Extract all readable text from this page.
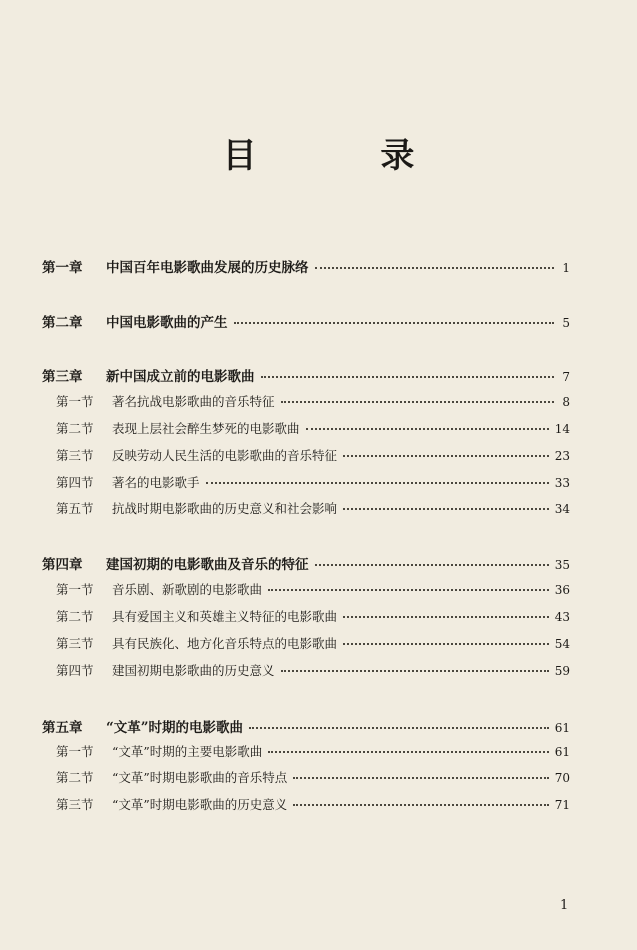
目 录
第一章	中国百年电影歌曲发展的历史脉络	1
第二章	中国电影歌曲的产生	5
第三章	新中国成立前的电影歌曲	7
第一节	著名抗战电影歌曲的音乐特征	8
第二节	表现上层社会醉生梦死的电影歌曲	14
第三节	反映劳动人民生活的电影歌曲的音乐特征	23
第四节	著名的电影歌手	33
第五节	抗战时期电影歌曲的历史意义和社会影响	34
第四章	建国初期的电影歌曲及音乐的特征	35
第一节	音乐剧、新歌剧的电影歌曲	36
第二节	具有爱国主义和英雄主义特征的电影歌曲	43
第三节	具有民族化、地方化音乐特点的电影歌曲	54
第四节	建国初期电影歌曲的历史意义	59
第五章	“文革”时期的电影歌曲	61
第一节	“文革”时期的主要电影歌曲	61
第二节	“文革”时期电影歌曲的音乐特点	70
第三节	“文革”时期电影歌曲的历史意义	71
1
